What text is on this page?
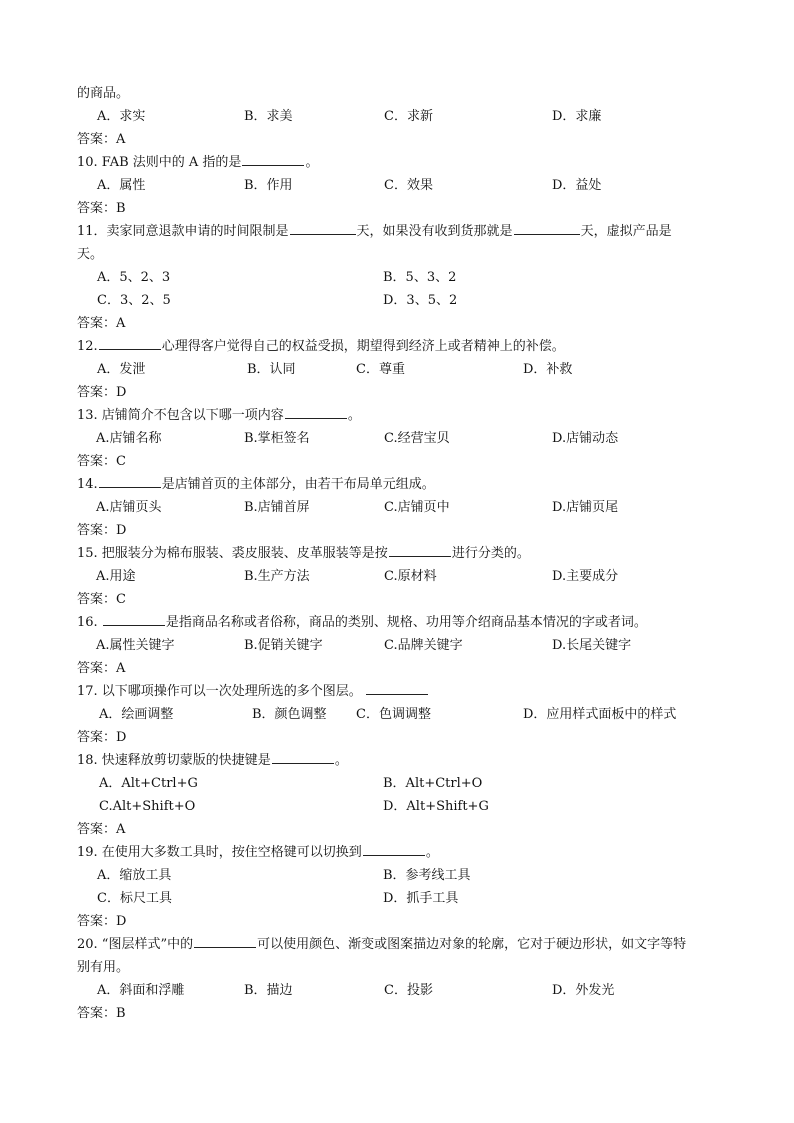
的商品。
A．求实	B．求美	C．求新	D．求廉
答案：A
10. FAB 法则中的 A 指的是	。
A．属性	B．作用	C．效果	D．益处
答案：B
11．卖家同意退款申请的时间限制是	天，如果没有收到货那就是	天，虚拟产品是
天。
A．5、2、3	B．5、3、2
C．3、2、5	D．3、5、2
答案：A
12.	心理得客户觉得自己的权益受损，期望得到经济上或者精神上的补偿。
A．发泄	B．认同	C．尊重	D．补救
答案：D
13. 店铺简介不包含以下哪一项内容	。
A.店铺名称	B.掌柜签名	C.经营宝贝	D.店铺动态
答案：C
14.	是店铺首页的主体部分，由若干布局单元组成。
A.店铺页头	B.店铺首屏	C.店铺页中	D.店铺页尾
答案：D
15. 把服装分为棉布服装、裘皮服装、皮革服装等是按	进行分类的。
A.用途	B.生产方法	C.原材料	D.主要成分
答案：C
16.	是指商品名称或者俗称，商品的类别、规格、功用等介绍商品基本情况的字或者词。
A.属性关键字	B.促销关键字	C.品牌关键字	D.长尾关键字
答案：A
17. 以下哪项操作可以一次处理所选的多个图层。
A．绘画调整	B．颜色调整 C．色调调整	D．应用样式面板中的样式
答案：D
18. 快速释放剪切蒙版的快捷键是	。
A．Alt+Ctrl+G	B．Alt+Ctrl+O
C.Alt+Shift+O	D．Alt+Shift+G
答案：A
19. 在使用大多数工具时，按住空格键可以切换到	。
A．缩放工具	B．参考线工具
C．标尺工具	D．抓手工具
答案：D
20. “图层样式”中的	可以使用颜色、渐变或图案描边对象的轮廓，它对于硬边形状，如文字等特
别有用。
A．斜面和浮雕	B．描边	C．投影	D．外发光
答案：B
